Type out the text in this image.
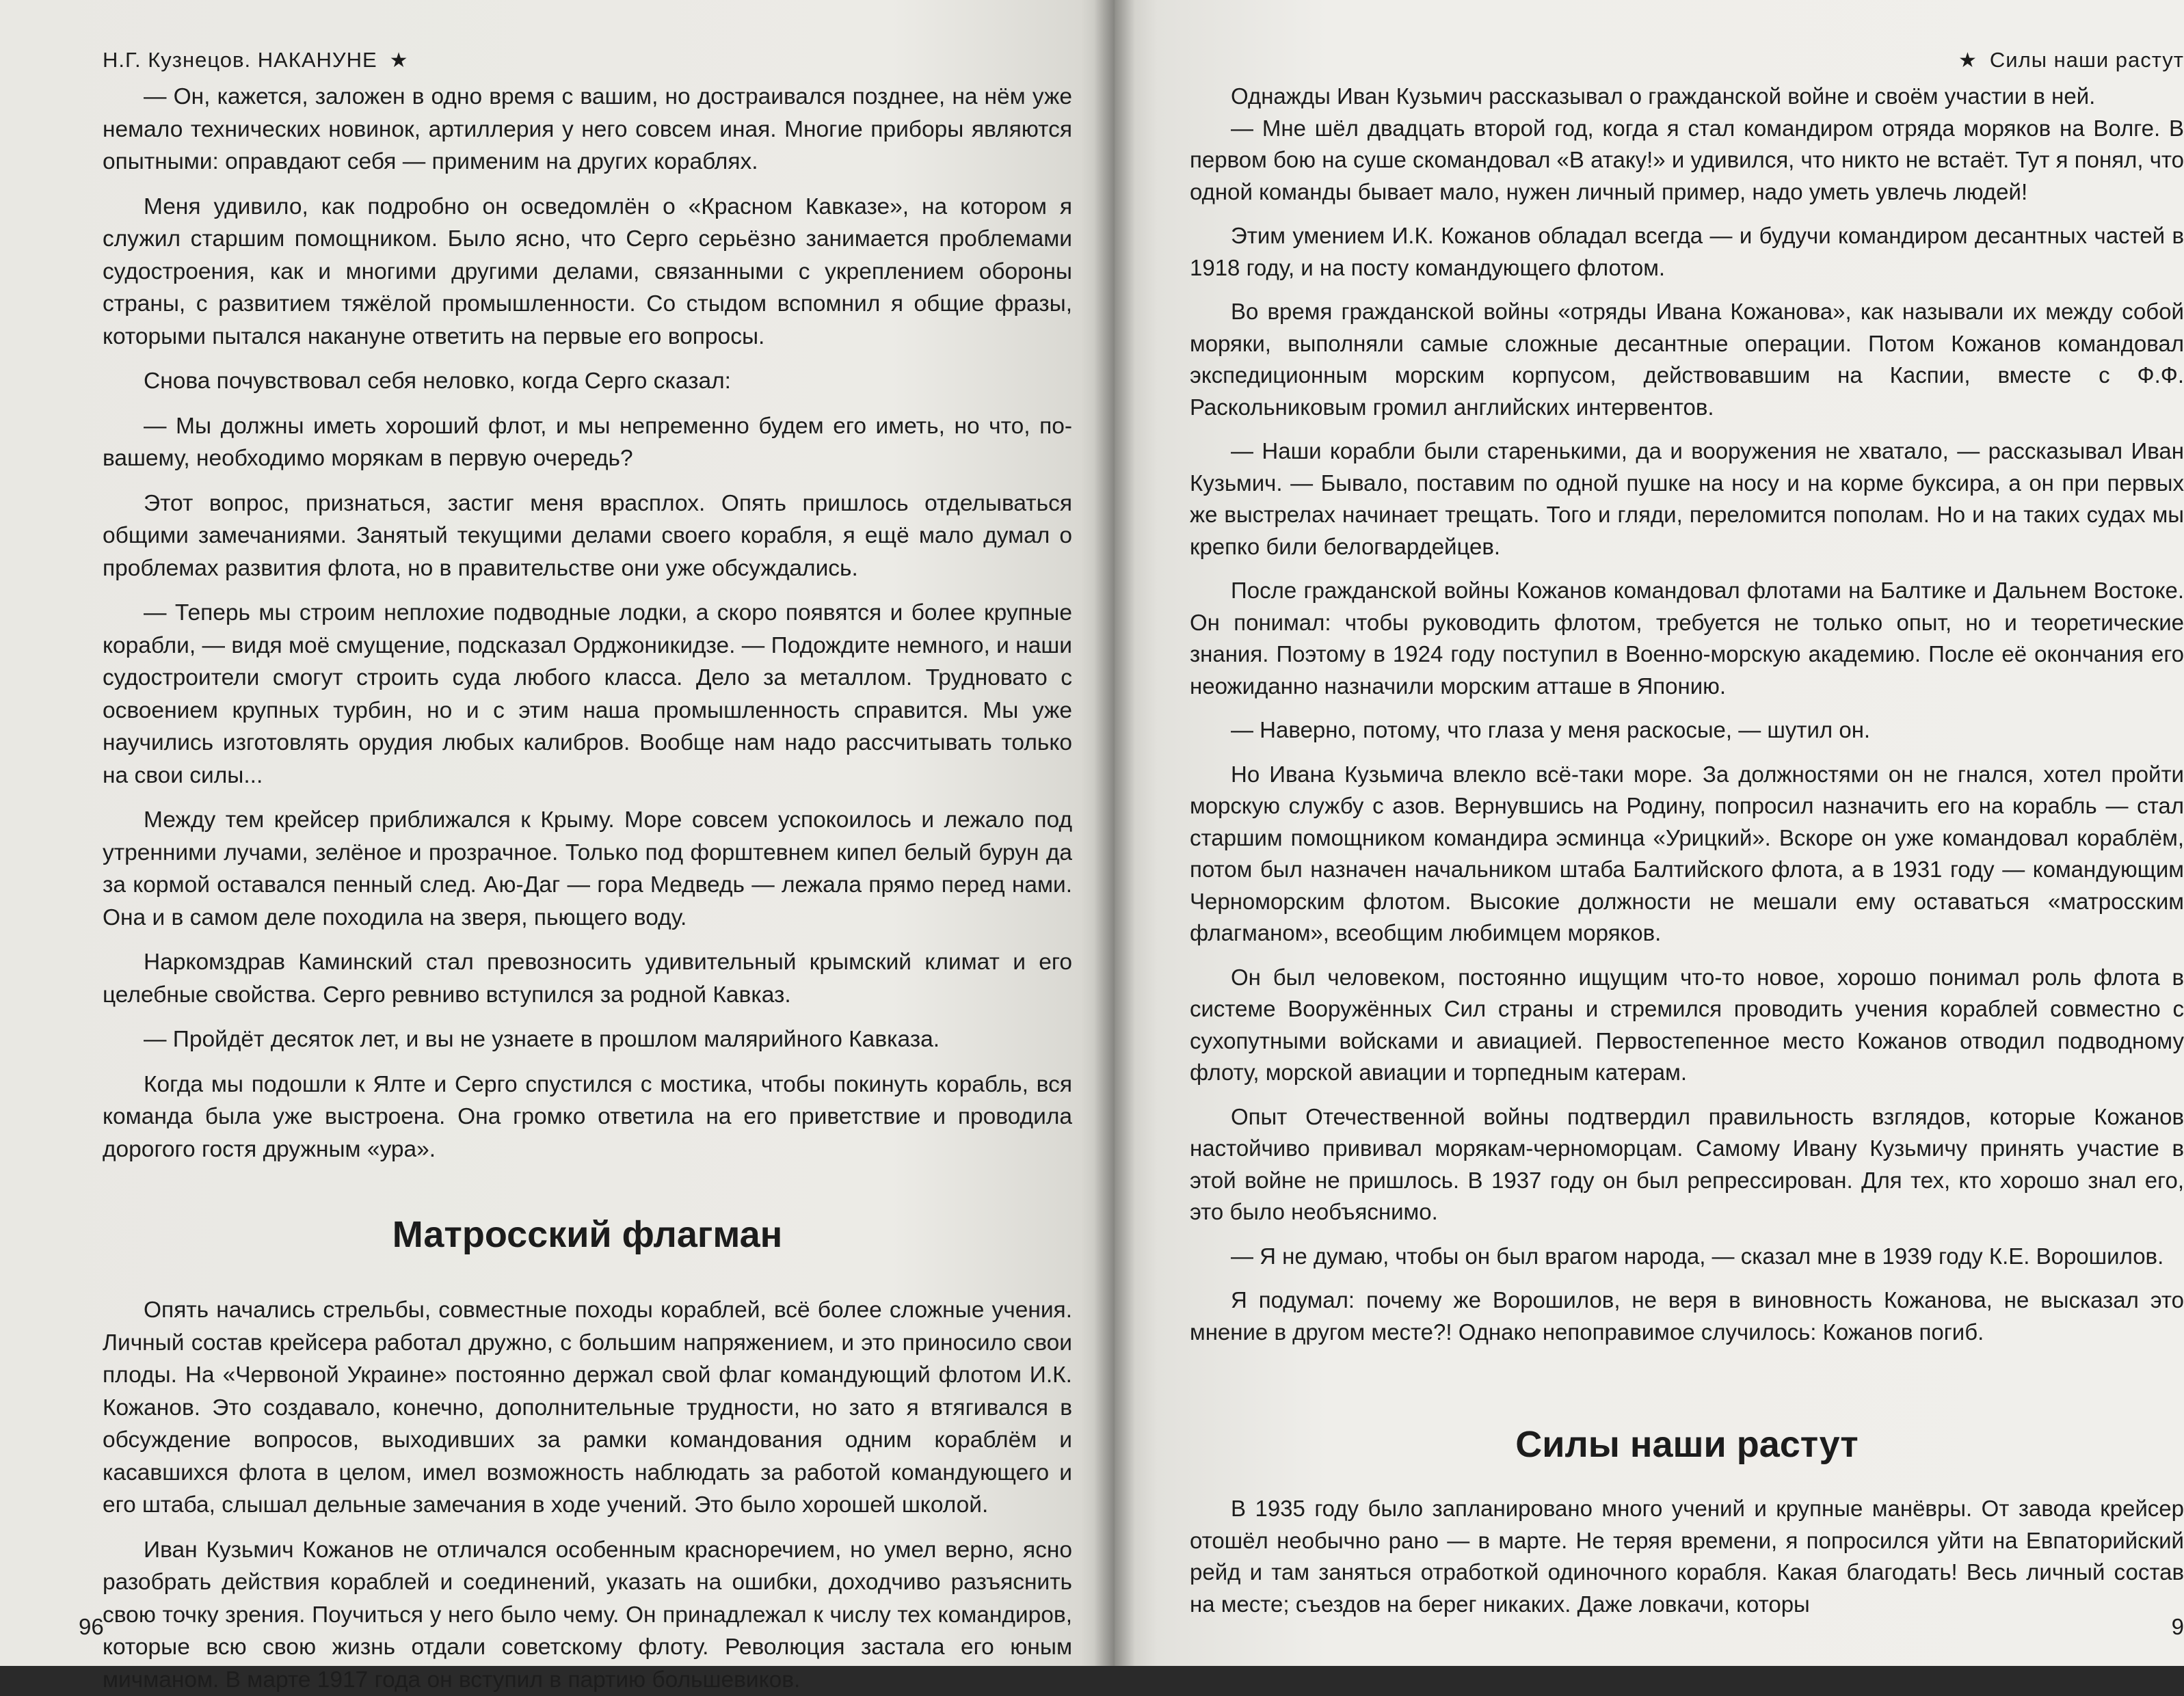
Н.Г. Кузнецов. НАКАНУНЕ ★

— Он, кажется, заложен в одно время с вашим, но достраивался позднее, на нём уже немало технических новинок, артиллерия у него совсем иная. Многие приборы являются опытными: оправдают себя — применим на других кораблях.

Меня удивило, как подробно он осведомлён о «Красном Кавказе», на котором я служил старшим помощником. Было ясно, что Серго серьёзно занимается проблемами судостроения, как и многими другими делами, связанными с укреплением обороны страны, с развитием тяжёлой промышленности. Со стыдом вспомнил я общие фразы, которыми пытался накануне ответить на первые его вопросы.

Снова почувствовал себя неловко, когда Серго сказал:

— Мы должны иметь хороший флот, и мы непременно будем его иметь, но что, по-вашему, необходимо морякам в первую очередь?

Этот вопрос, признаться, застиг меня врасплох. Опять пришлось отделываться общими замечаниями. Занятый текущими делами своего корабля, я ещё мало думал о проблемах развития флота, но в правительстве они уже обсуждались.

— Теперь мы строим неплохие подводные лодки, а скоро появятся и более крупные корабли, — видя моё смущение, подсказал Орджоникидзе. — Подождите немного, и наши судостроители смогут строить суда любого класса. Дело за металлом. Трудновато с освоением крупных турбин, но и с этим наша промышленность справится. Мы уже научились изготовлять орудия любых калибров. Вообще нам надо рассчитывать только на свои силы...

Между тем крейсер приближался к Крыму. Море совсем успокоилось и лежало под утренними лучами, зелёное и прозрачное. Только под форштевнем кипел белый бурун да за кормой оставался пенный след. Аю-Даг — гора Медведь — лежала прямо перед нами. Она и в самом деле походила на зверя, пьющего воду.

Наркомздрав Каминский стал превозносить удивительный крымский климат и его целебные свойства. Серго ревниво вступился за родной Кавказ.

— Пройдёт десяток лет, и вы не узнаете в прошлом малярийного Кавказа.

Когда мы подошли к Ялте и Серго спустился с мостика, чтобы покинуть корабль, вся команда была уже выстроена. Она громко ответила на его приветствие и проводила дорогого гостя дружным «ура».

Матросский флагман

Опять начались стрельбы, совместные походы кораблей, всё более сложные учения. Личный состав крейсера работал дружно, с большим напряжением, и это приносило свои плоды. На «Червоной Украине» постоянно держал свой флаг командующий флотом И.К. Кожанов. Это создавало, конечно, дополнительные трудности, но зато я втягивался в обсуждение вопросов, выходивших за рамки командования одним кораблём и касавшихся флота в целом, имел возможность наблюдать за работой командующего и его штаба, слышал дельные замечания в ходе учений. Это было хорошей школой.

Иван Кузьмич Кожанов не отличался особенным красноречием, но умел верно, ясно разобрать действия кораблей и соединений, указать на ошибки, доходчиво разъяснить свою точку зрения. Поучиться у него было чему. Он принадлежал к числу тех командиров, которые всю свою жизнь отдали советскому флоту. Революция застала его юным мичманом. В марте 1917 года он вступил в партию большевиков.

96
★ Силы наши растут

Однажды Иван Кузьмич рассказывал о гражданской войне и своём участии в ней.

— Мне шёл двадцать второй год, когда я стал командиром отряда моряков на Волге. В первом бою на суше скомандовал «В атаку!» и удивился, что никто не встаёт. Тут я понял, что одной команды бывает мало, нужен личный пример, надо уметь увлечь людей!

Этим умением И.К. Кожанов обладал всегда — и будучи командиром десантных частей в 1918 году, и на посту командующего флотом.

Во время гражданской войны «отряды Ивана Кожанова», как называли их между собой моряки, выполняли самые сложные десантные операции. Потом Кожанов командовал экспедиционным морским корпусом, действовавшим на Каспии, вместе с Ф.Ф. Раскольниковым громил английских интервентов.

— Наши корабли были старенькими, да и вооружения не хватало, — рассказывал Иван Кузьмич. — Бывало, поставим по одной пушке на носу и на корме буксира, а он при первых же выстрелах начинает трещать. Того и гляди, переломится пополам. Но и на таких судах мы крепко били белогвардейцев.

После гражданской войны Кожанов командовал флотами на Балтике и Дальнем Востоке. Он понимал: чтобы руководить флотом, требуется не только опыт, но и теоретические знания. Поэтому в 1924 году поступил в Военно-морскую академию. После её окончания его неожиданно назначили морским атташе в Японию.

— Наверно, потому, что глаза у меня раскосые, — шутил он.

Но Ивана Кузьмича влекло всё-таки море. За должностями он не гнался, хотел пройти морскую службу с азов. Вернувшись на Родину, попросил назначить его на корабль — стал старшим помощником командира эсминца «Урицкий». Вскоре он уже командовал кораблём, потом был назначен начальником штаба Балтийского флота, а в 1931 году — командующим Черноморским флотом. Высокие должности не мешали ему оставаться «матросским флагманом», всеобщим любимцем моряков.

Он был человеком, постоянно ищущим что-то новое, хорошо понимал роль флота в системе Вооружённых Сил страны и стремился проводить учения кораблей совместно с сухопутными войсками и авиацией. Первостепенное место Кожанов отводил подводному флоту, морской авиации и торпедным катерам.

Опыт Отечественной войны подтвердил правильность взглядов, которые Кожанов настойчиво прививал морякам-черноморцам. Самому Ивану Кузьмичу принять участие в этой войне не пришлось. В 1937 году он был репрессирован. Для тех, кто хорошо знал его, это было необъяснимо.

— Я не думаю, чтобы он был врагом народа, — сказал мне в 1939 году К.Е. Ворошилов.

Я подумал: почему же Ворошилов, не веря в виновность Кожанова, не высказал это мнение в другом месте?! Однако непоправимое случилось: Кожанов погиб.

Силы наши растут

В 1935 году было запланировано много учений и крупные манёвры. От завода крейсер отошёл необычно рано — в марте. Не теряя времени, я попросился уйти на Евпаторийский рейд и там заняться отработкой одиночного корабля. Какая благодать! Весь личный состав на месте; съездов на берег никаких. Даже ловкачи, которы

9
